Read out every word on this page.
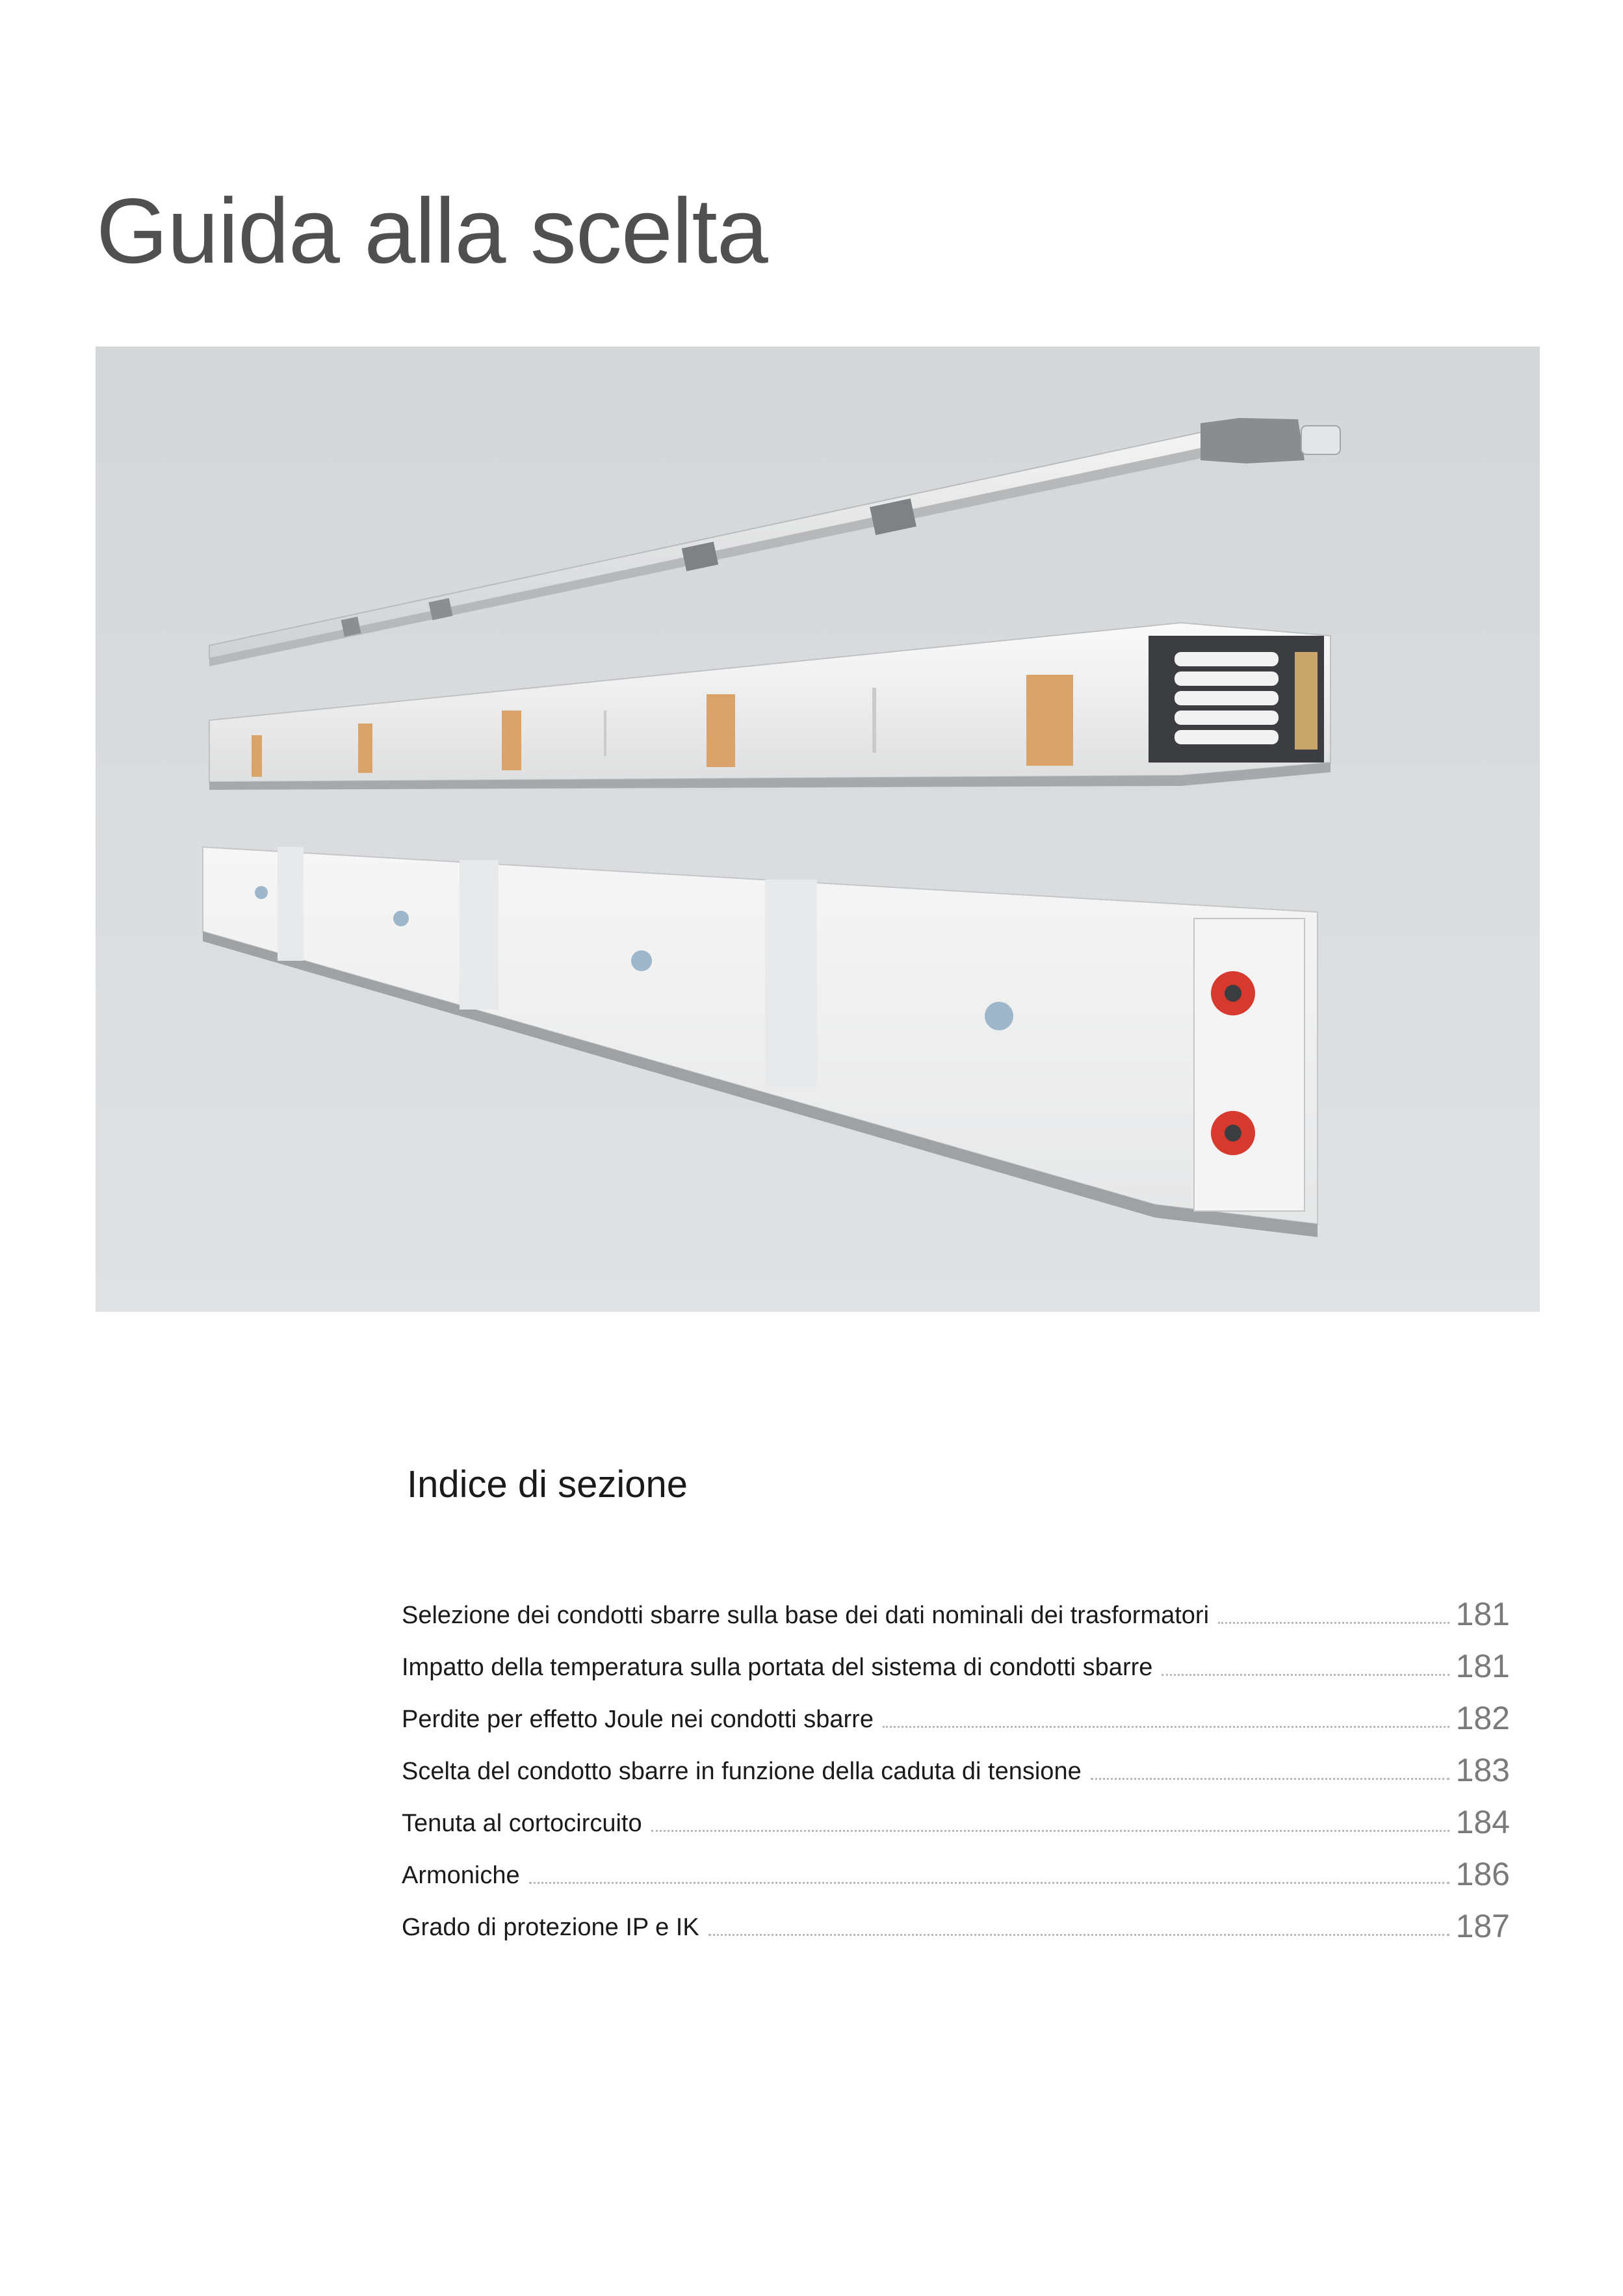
Guida alla scelta
Indice di sezione
Selezione dei condotti sbarre sulla base dei dati nominali dei trasformatori	181
Impatto della temperatura sulla portata del sistema di condotti sbarre	181
Perdite per effetto Joule nei condotti sbarre	182
Scelta del condotto sbarre in funzione della caduta di tensione	183
Tenuta al cortocircuito	184
Armoniche	186
Grado di protezione IP e IK	187
